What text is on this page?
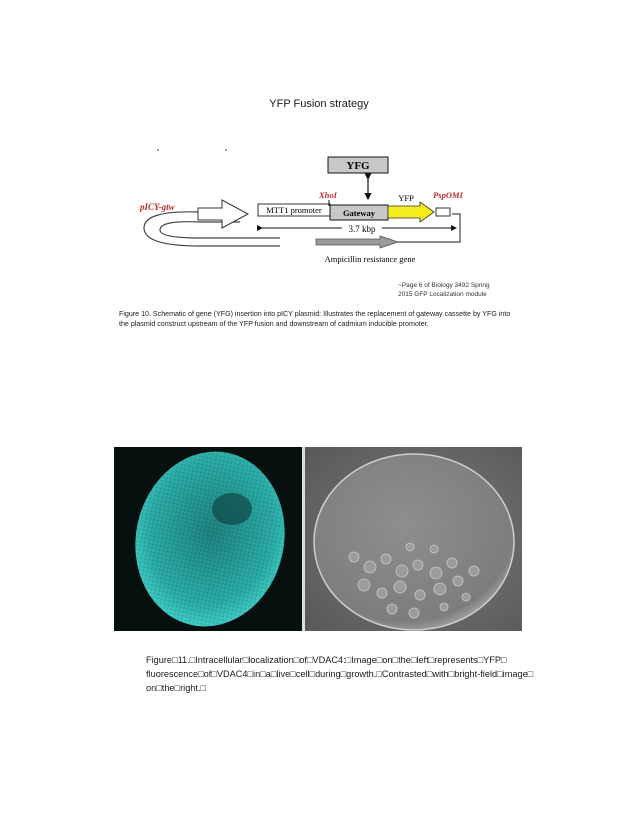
YFP Fusion strategy
YFG
pICY-gtw	MTT1 promoter
XhoI
Gateway
YFP PspOMI
3.7 kbp
Ampicillin resistance gene
~Page 6 of Biology 3492 Spring
2015 GFP Localization module
Figure 10. Schematic of gene (YFG) insertion into pICY plasmid: Illustrates the replacement of gateway cassette by YFG into the plasmid construct upstream of the YFP fusion and downstream of cadmium inducible promoter.
Figure□11.□Intracellular□localization□of□VDAC4:□Image□on□the□left□represents□YFP□
fluorescence□of□VDAC4□in□a□live□cell□during□growth.□Contrasted□with□bright-field□image□
on□the□right.□
